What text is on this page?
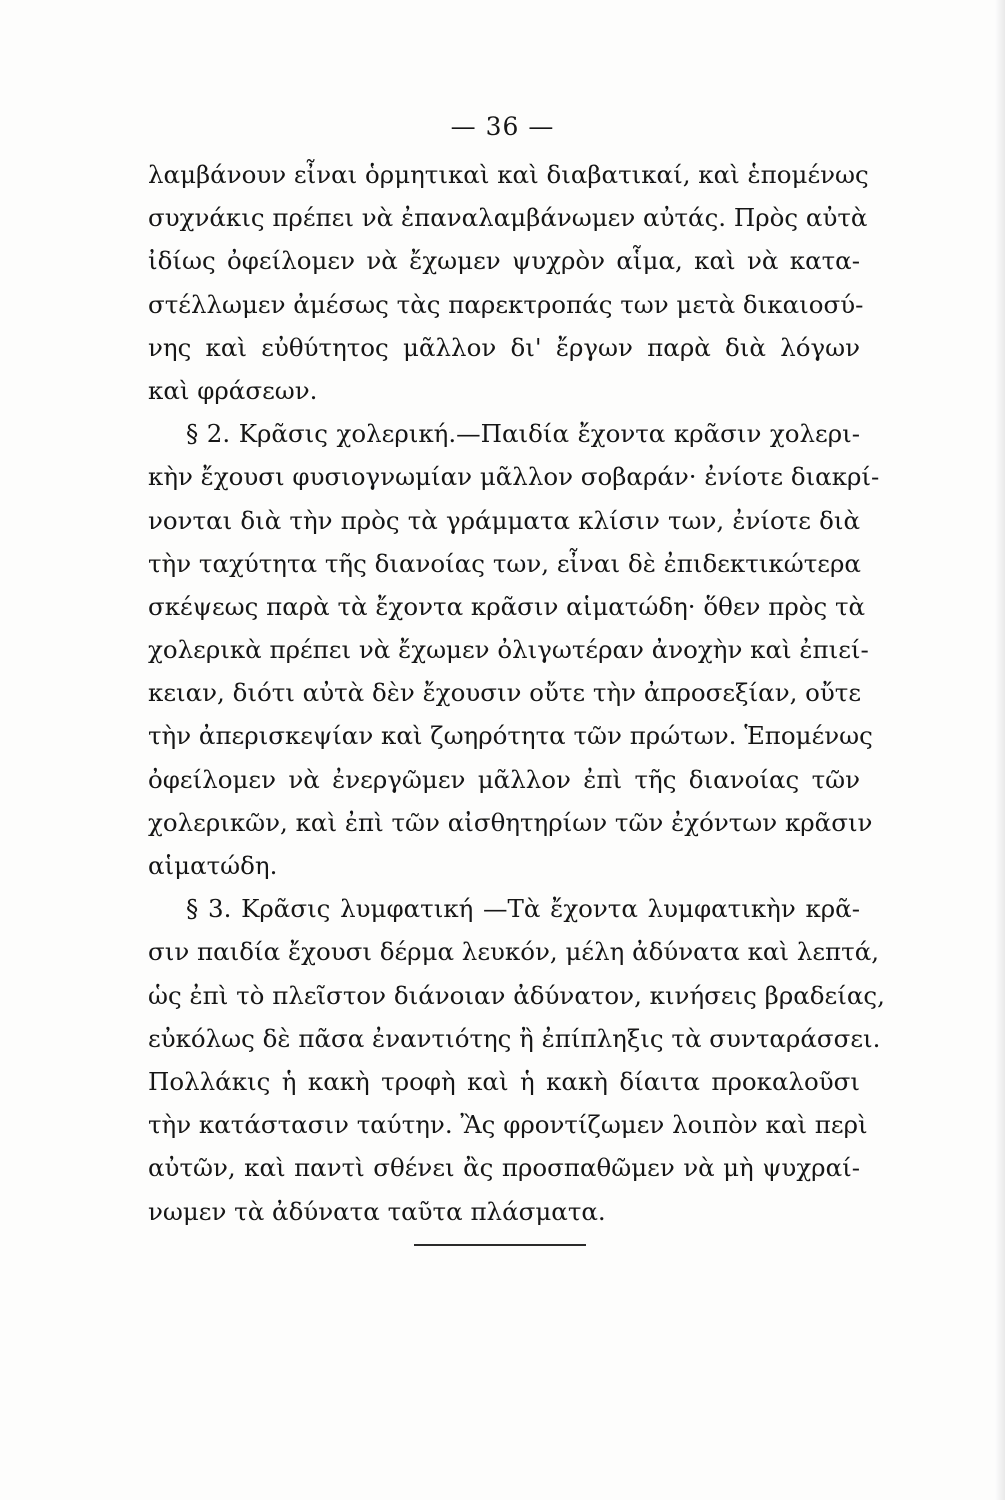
— 36 —
λαμβάνουν εἶναι ὁρμητικαὶ καὶ διαβατικαί, καὶ ἑπομένως
συχνάκις πρέπει νὰ ἐπαναλαμβάνωμεν αὐτάς. Πρὸς αὐτὰ
ἰδίως ὀφείλομεν νὰ ἔχωμεν ψυχρὸν αἷμα, καὶ νὰ κατα-
στέλλωμεν ἀμέσως τὰς παρεκτροπάς των μετὰ δικαιοσύ-
νης καὶ εὐθύτητος μᾶλλον δι' ἔργων παρὰ διὰ λόγων
καὶ φράσεων.
§ 2. Κρᾶσις χολερική.—Παιδία ἔχοντα κρᾶσιν χολερι-
κὴν ἔχουσι φυσιογνωμίαν μᾶλλον σοβαράν· ἐνίοτε διακρί-
νονται διὰ τὴν πρὸς τὰ γράμματα κλίσιν των, ἐνίοτε διὰ
τὴν ταχύτητα τῆς διανοίας των, εἶναι δὲ ἐπιδεκτικώτερα
σκέψεως παρὰ τὰ ἔχοντα κρᾶσιν αἱματώδη· ὅθεν πρὸς τὰ
χολερικὰ πρέπει νὰ ἔχωμεν ὀλιγωτέραν ἀνοχὴν καὶ ἐπιεί-
κειαν, διότι αὐτὰ δὲν ἔχουσιν οὔτε τὴν ἀπροσεξίαν, οὔτε
τὴν ἀπερισκεψίαν καὶ ζωηρότητα τῶν πρώτων. Ἑπομένως
ὀφείλομεν νὰ ἐνεργῶμεν μᾶλλον ἐπὶ τῆς διανοίας τῶν
χολερικῶν, καὶ ἐπὶ τῶν αἰσθητηρίων τῶν ἐχόντων κρᾶσιν
αἱματώδη.
§ 3. Κρᾶσις λυμφατική —Τὰ ἔχοντα λυμφατικὴν κρᾶ-
σιν παιδία ἔχουσι δέρμα λευκόν, μέλη ἀδύνατα καὶ λεπτά,
ὡς ἐπὶ τὸ πλεῖστον διάνοιαν ἀδύνατον, κινήσεις βραδείας,
εὐκόλως δὲ πᾶσα ἐναντιότης ἢ ἐπίπληξις τὰ συνταράσσει.
Πολλάκις ἡ κακὴ τροφὴ καὶ ἡ κακὴ δίαιτα προκαλοῦσι
τὴν κατάστασιν ταύτην. Ἂς φροντίζωμεν λοιπὸν καὶ περὶ
αὐτῶν, καὶ παντὶ σθένει ἂς προσπαθῶμεν νὰ μὴ ψυχραί-
νωμεν τὰ ἀδύνατα ταῦτα πλάσματα.
